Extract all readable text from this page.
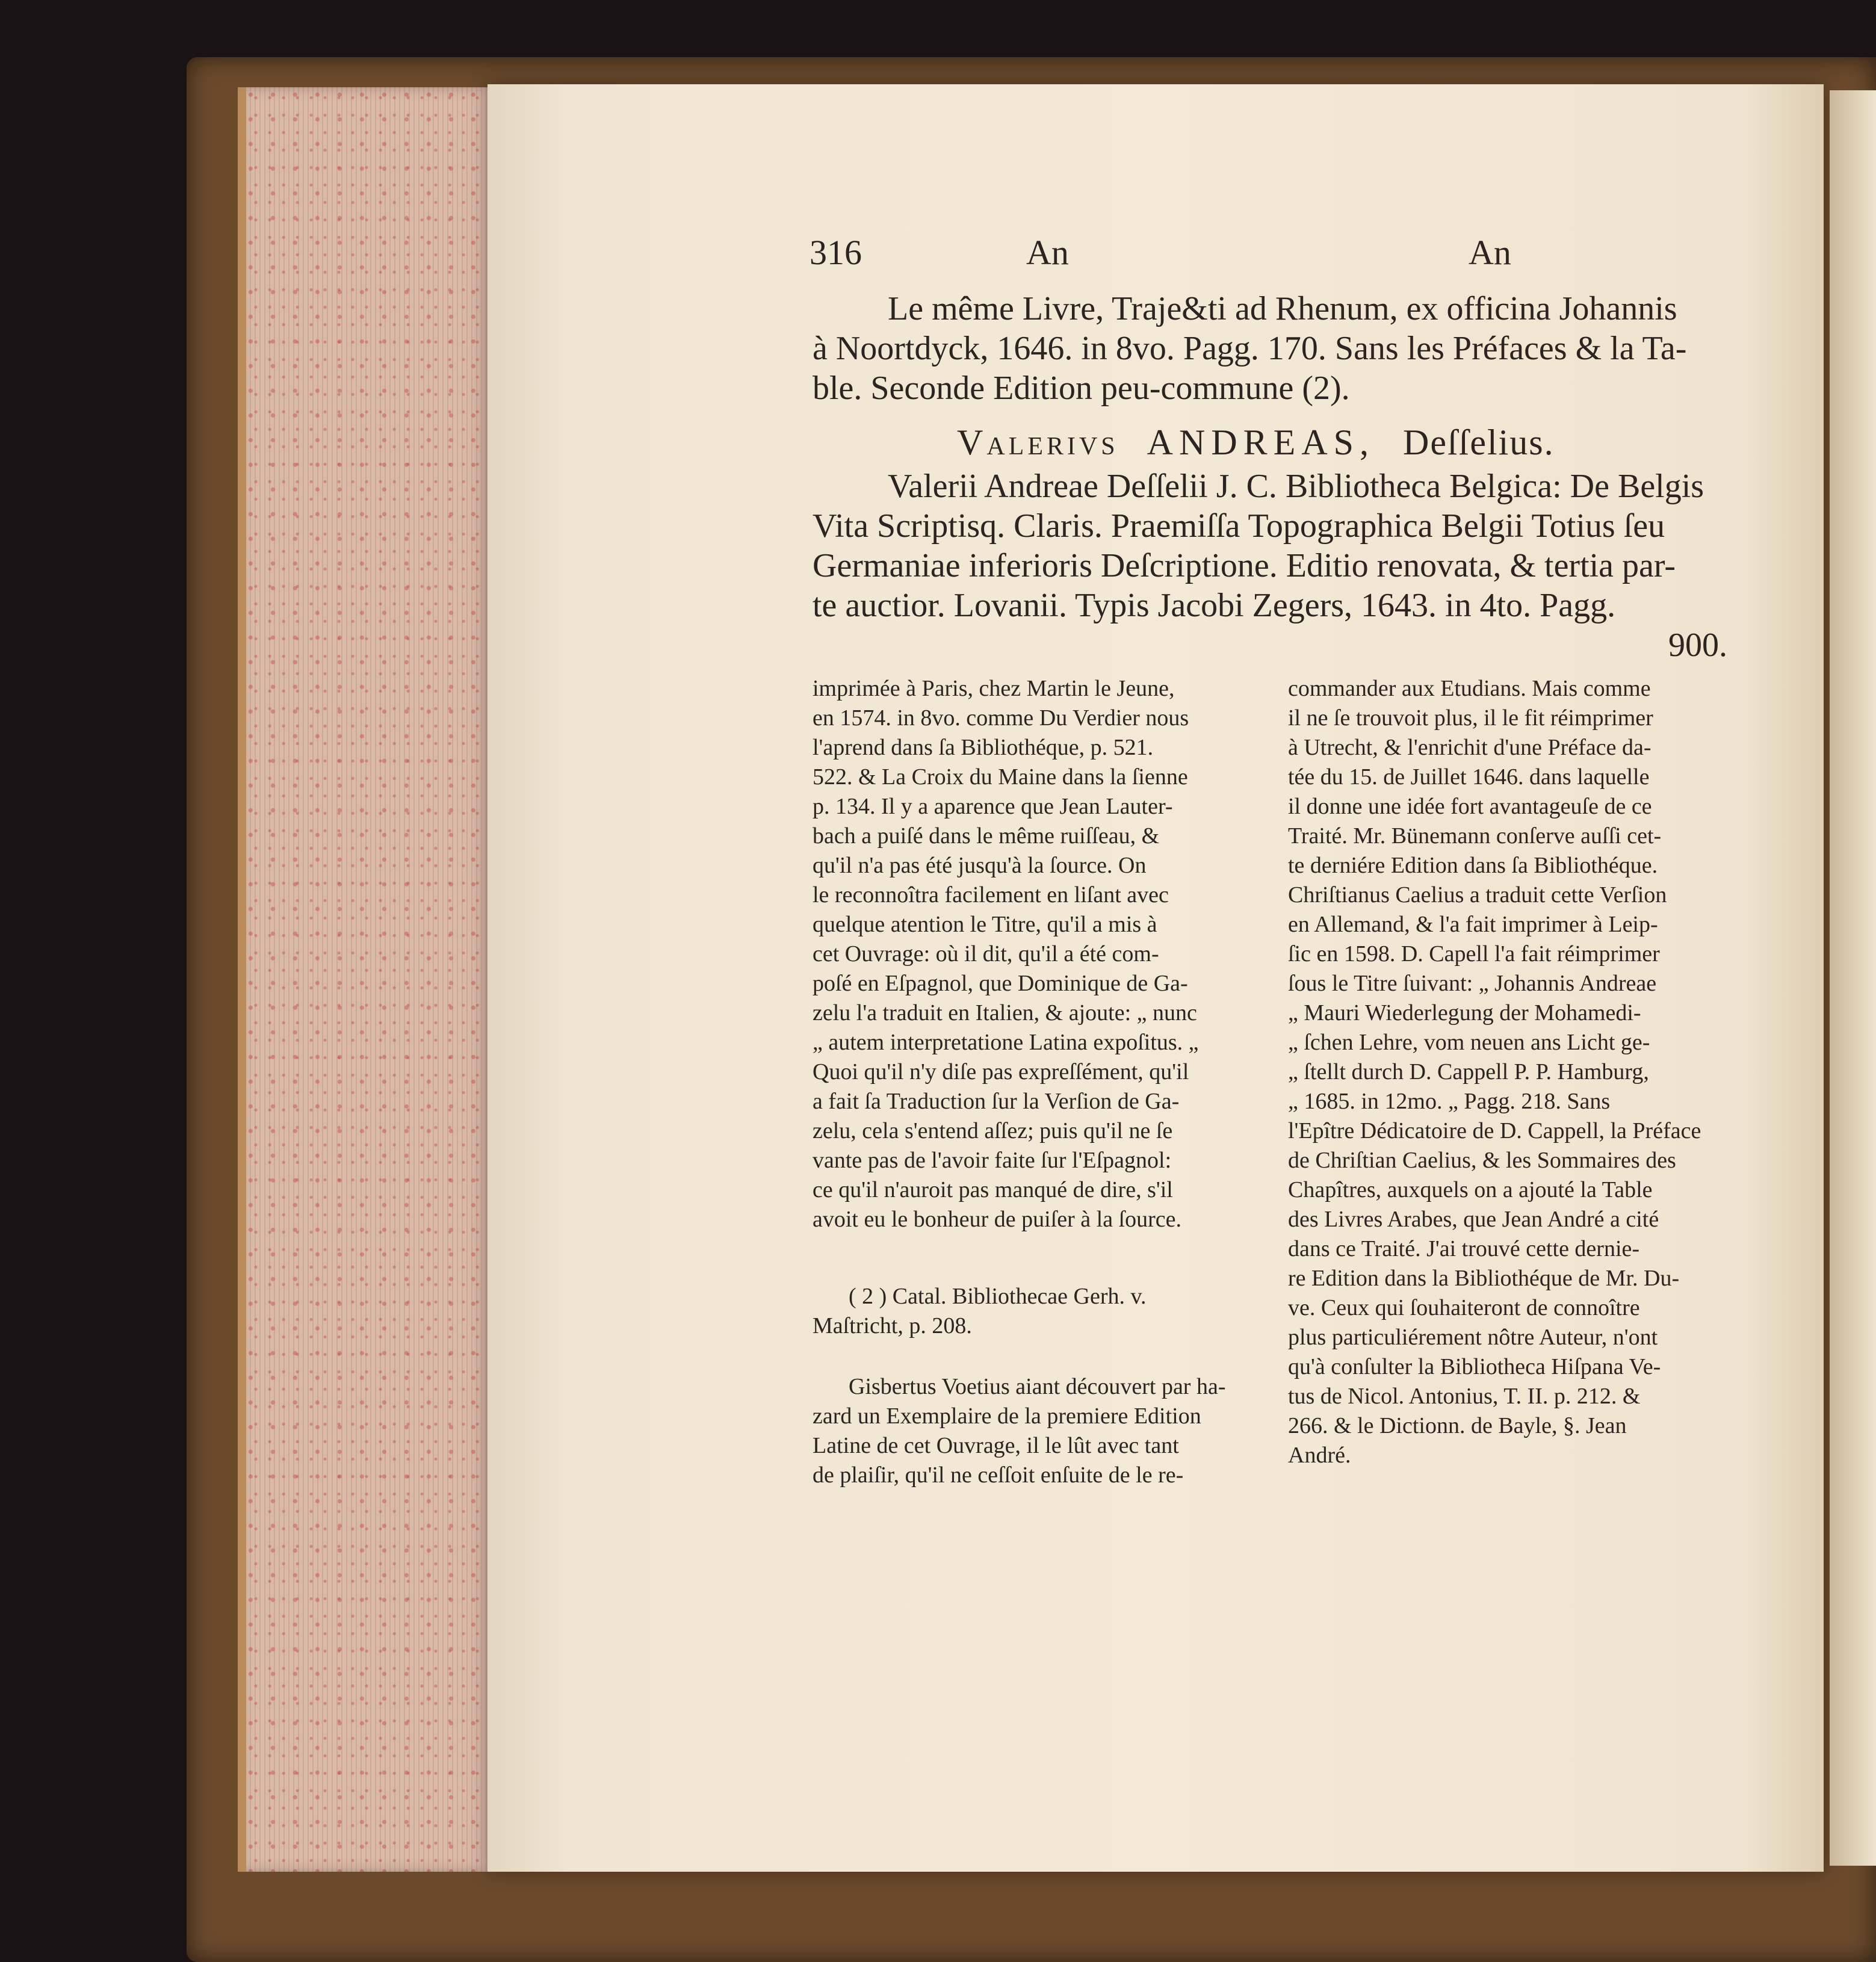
316	An	An
Le même Livre, Traje&ti ad Rhenum, ex officina Johannis
à Noortdyck, 1646. in 8vo. Pagg. 170. Sans les Préfaces & la Ta-
ble. Seconde Edition peu-commune (2).
Valerivs ANDREAS, Deſſelius.
Valerii Andreae Deſſelii J. C. Bibliotheca Belgica: De Belgis
Vita Scriptisq. Claris. Praemiſſa Topographica Belgii Totius ſeu
Germaniae inferioris Deſcriptione. Editio renovata, & tertia par-
te auctior. Lovanii. Typis Jacobi Zegers, 1643. in 4to. Pagg.
900.
imprimée à Paris, chez Martin le Jeune,
en 1574. in 8vo. comme Du Verdier nous
l'aprend dans ſa Bibliothéque, p. 521.
522. & La Croix du Maine dans la ſienne
p. 134. Il y a aparence que Jean Lauter-
bach a puiſé dans le même ruiſſeau, &
qu'il n'a pas été jusqu'à la ſource. On
le reconnoîtra facilement en liſant avec
quelque atention le Titre, qu'il a mis à
cet Ouvrage: où il dit, qu'il a été com-
poſé en Eſpagnol, que Dominique de Ga-
zelu l'a traduit en Italien, & ajoute: „ nunc
„ autem interpretatione Latina expoſitus. „
Quoi qu'il n'y diſe pas expreſſément, qu'il
a fait ſa Traduction ſur la Verſion de Ga-
zelu, cela s'entend aſſez; puis qu'il ne ſe
vante pas de l'avoir faite ſur l'Eſpagnol:
ce qu'il n'auroit pas manqué de dire, s'il
avoit eu le bonheur de puiſer à la ſource.
( 2 ) Catal. Bibliothecae Gerh. v.
Maſtricht, p. 208.
Gisbertus Voetius aiant découvert par ha-
zard un Exemplaire de la premiere Edition
Latine de cet Ouvrage, il le lût avec tant
de plaiſir, qu'il ne ceſſoit enſuite de le re-
commander aux Etudians. Mais comme
il ne ſe trouvoit plus, il le fit réimprimer
à Utrecht, & l'enrichit d'une Préface da-
tée du 15. de Juillet 1646. dans laquelle
il donne une idée fort avantageuſe de ce
Traité. Mr. Bünemann conſerve auſſi cet-
te derniére Edition dans ſa Bibliothéque.
Chriſtianus Caelius a traduit cette Verſion
en Allemand, & l'a fait imprimer à Leip-
ſic en 1598. D. Capell l'a fait réimprimer
ſous le Titre ſuivant: „ Johannis Andreae
„ Mauri Wiederlegung der Mohamedi-
„ ſchen Lehre, vom neuen ans Licht ge-
„ ſtellt durch D. Cappell P. P. Hamburg,
„ 1685. in 12mo. „ Pagg. 218. Sans
l'Epître Dédicatoire de D. Cappell, la Préface
de Chriſtian Caelius, & les Sommaires des
Chapîtres, auxquels on a ajouté la Table
des Livres Arabes, que Jean André a cité
dans ce Traité. J'ai trouvé cette dernie-
re Edition dans la Bibliothéque de Mr. Du-
ve. Ceux qui ſouhaiteront de connoître
plus particuliérement nôtre Auteur, n'ont
qu'à conſulter la Bibliotheca Hiſpana Ve-
tus de Nicol. Antonius, T. II. p. 212. &
266. & le Dictionn. de Bayle, §. Jean
André.
